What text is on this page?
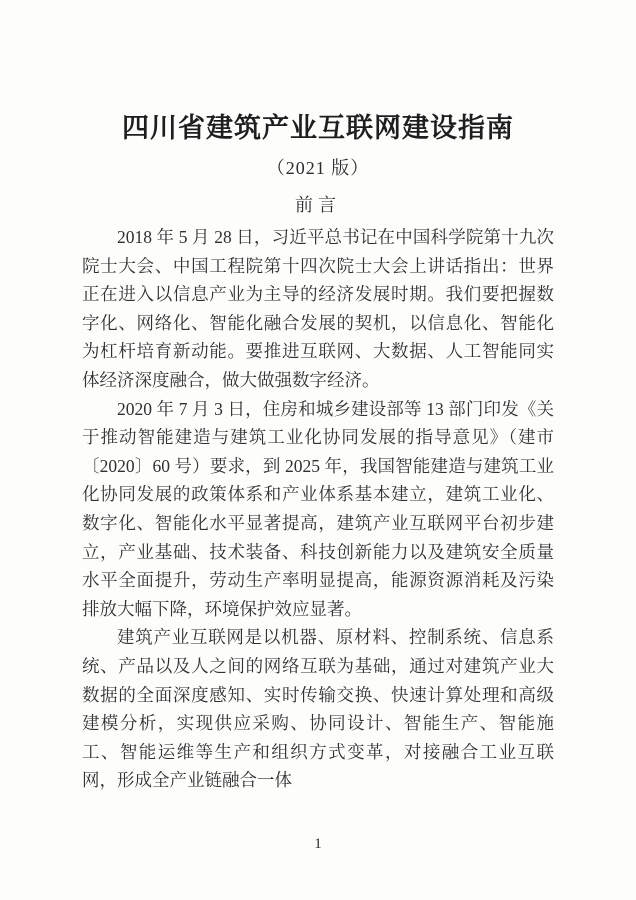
四川省建筑产业互联网建设指南
（2021 版）
前言

2018 年 5 月 28 日，习近平总书记在中国科学院第十九次院士大会、中国工程院第十四次院士大会上讲话指出：世界正在进入以信息产业为主导的经济发展时期。我们要把握数字化、网络化、智能化融合发展的契机，以信息化、智能化为杠杆培育新动能。要推进互联网、大数据、人工智能同实体经济深度融合，做大做强数字经济。

2020 年 7 月 3 日，住房和城乡建设部等 13 部门印发《关于推动智能建造与建筑工业化协同发展的指导意见》（建市〔2020〕60 号）要求，到 2025 年，我国智能建造与建筑工业化协同发展的政策体系和产业体系基本建立，建筑工业化、数字化、智能化水平显著提高，建筑产业互联网平台初步建立，产业基础、技术装备、科技创新能力以及建筑安全质量水平全面提升，劳动生产率明显提高，能源资源消耗及污染排放大幅下降，环境保护效应显著。

建筑产业互联网是以机器、原材料、控制系统、信息系统、产品以及人之间的网络互联为基础，通过对建筑产业大数据的全面深度感知、实时传输交换、快速计算处理和高级建模分析，实现供应采购、协同设计、智能生产、智能施工、智能运维等生产和组织方式变革，对接融合工业互联网，形成全产业链融合一体

1
